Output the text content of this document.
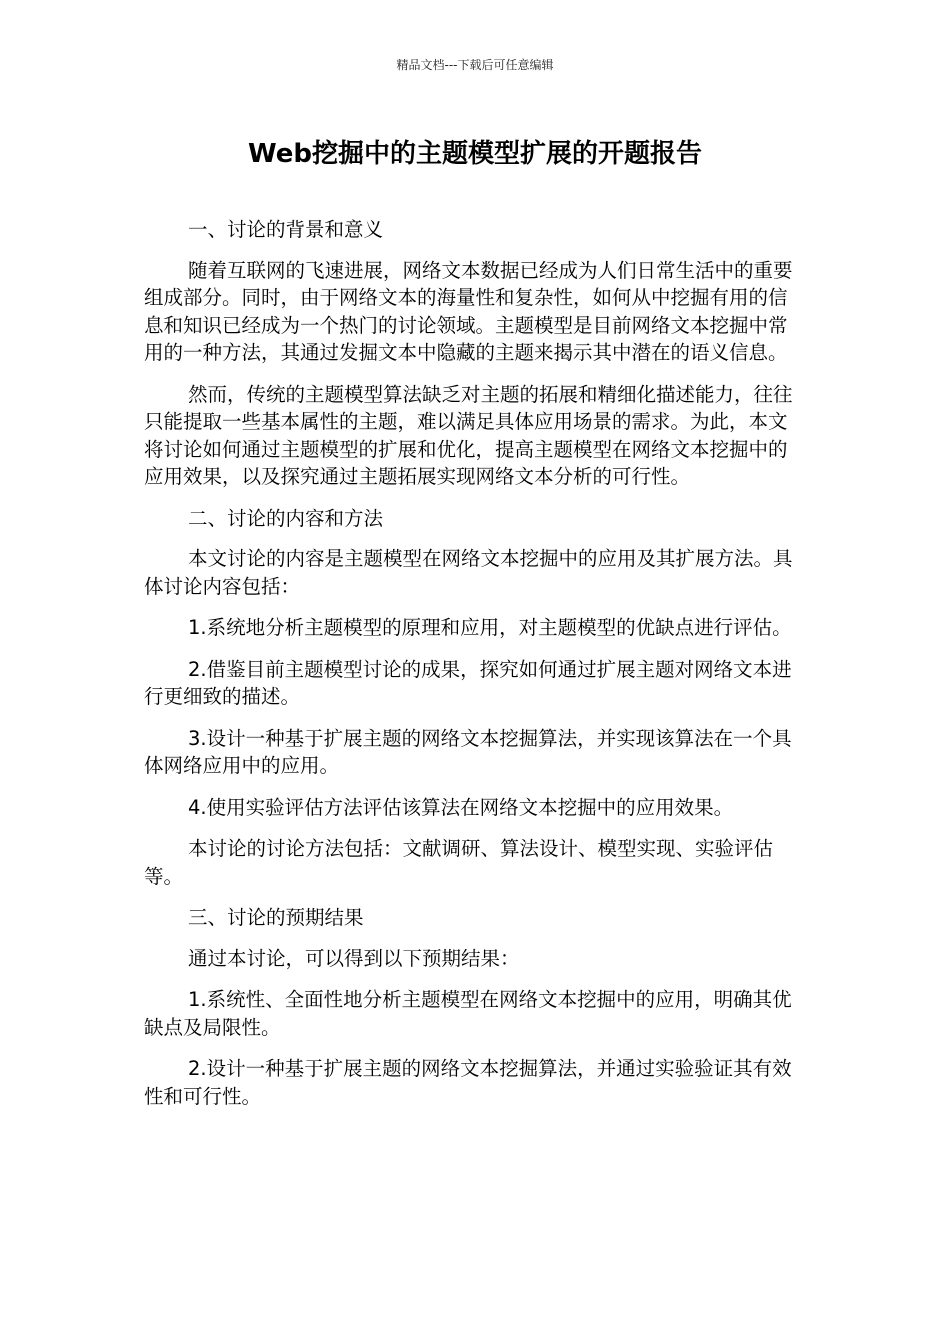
精品文档---下载后可任意编辑
Web挖掘中的主题模型扩展的开题报告

一、讨论的背景和意义

随着互联网的飞速进展，网络文本数据已经成为人们日常生活中的重要组成部分。同时，由于网络文本的海量性和复杂性，如何从中挖掘有用的信息和知识已经成为一个热门的讨论领域。主题模型是目前网络文本挖掘中常用的一种方法，其通过发掘文本中隐藏的主题来揭示其中潜在的语义信息。

然而，传统的主题模型算法缺乏对主题的拓展和精细化描述能力，往往只能提取一些基本属性的主题，难以满足具体应用场景的需求。为此，本文将讨论如何通过主题模型的扩展和优化，提高主题模型在网络文本挖掘中的应用效果，以及探究通过主题拓展实现网络文本分析的可行性。

二、讨论的内容和方法

本文讨论的内容是主题模型在网络文本挖掘中的应用及其扩展方法。具体讨论内容包括：

1.系统地分析主题模型的原理和应用，对主题模型的优缺点进行评估。

2.借鉴目前主题模型讨论的成果，探究如何通过扩展主题对网络文本进行更细致的描述。

3.设计一种基于扩展主题的网络文本挖掘算法，并实现该算法在一个具体网络应用中的应用。

4.使用实验评估方法评估该算法在网络文本挖掘中的应用效果。

本讨论的讨论方法包括：文献调研、算法设计、模型实现、实验评估等。

三、讨论的预期结果

通过本讨论，可以得到以下预期结果：

1.系统性、全面性地分析主题模型在网络文本挖掘中的应用，明确其优缺点及局限性。

2.设计一种基于扩展主题的网络文本挖掘算法，并通过实验验证其有效性和可行性。
